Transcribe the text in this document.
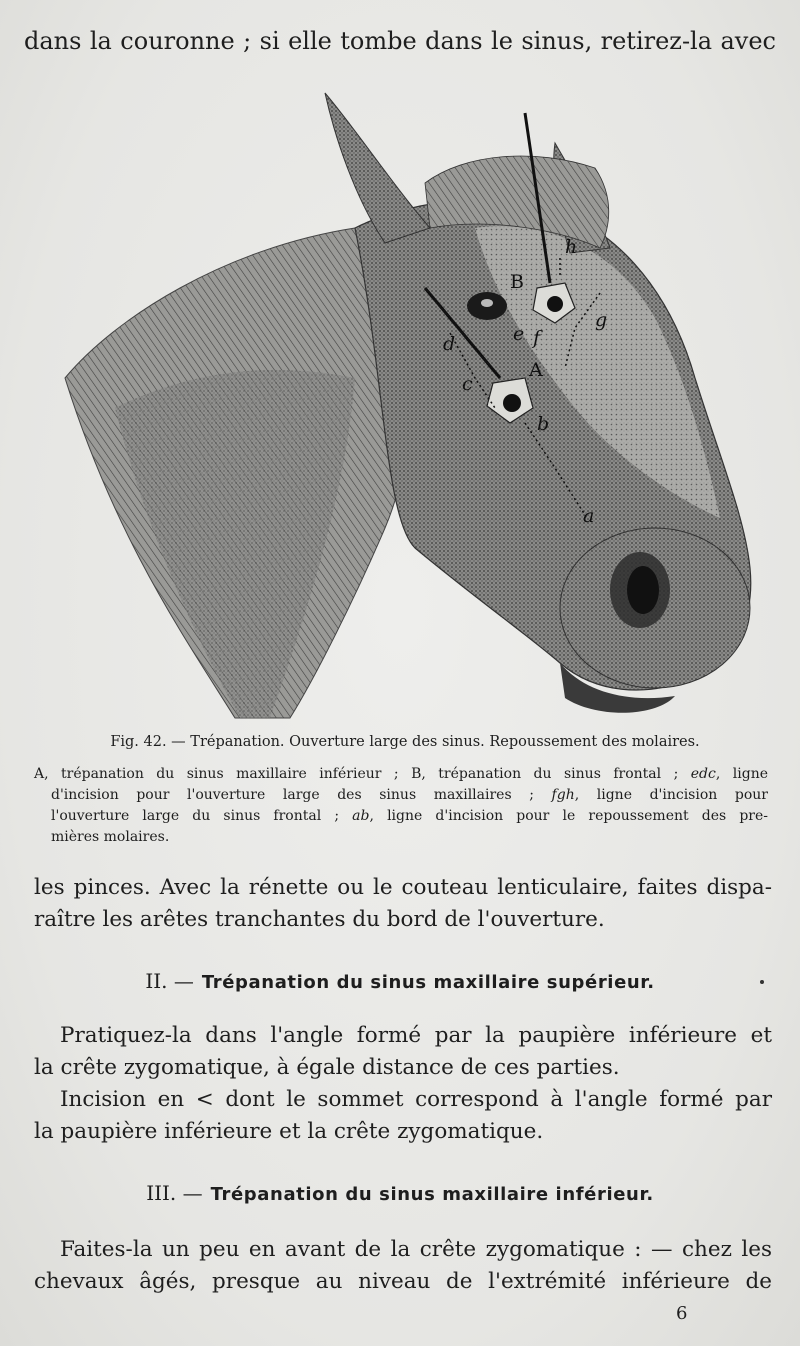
dans la couronne ; si elle tombe dans le sinus, retirez-la avec
h
B
g
e f
d
A
c
b
a
Fig. 42. — Trépanation. Ouverture large des sinus. Repoussement des molaires.

A, trépanation du sinus maxillaire inférieur ; B, trépanation du sinus frontal ; edc, ligne

d'incision pour l'ouverture large des sinus maxillaires ; fgh, ligne d'incision pour

l'ouverture large du sinus frontal ; ab, ligne d'incision pour le repoussement des pre-

mières molaires.

les pinces. Avec la rénette ou le couteau lenticulaire, faites dispa-

raître les arêtes tranchantes du bord de l'ouverture.

II. — Trépanation du sinus maxillaire supérieur.

Pratiquez-la dans l'angle formé par la paupière inférieure et

la crête zygomatique, à égale distance de ces parties.

Incision en < dont le sommet correspond à l'angle formé par

la paupière inférieure et la crête zygomatique.

III. — Trépanation du sinus maxillaire inférieur.

Faites-la un peu en avant de la crête zygomatique : — chez les

chevaux âgés, presque au niveau de l'extrémité inférieure de

6
